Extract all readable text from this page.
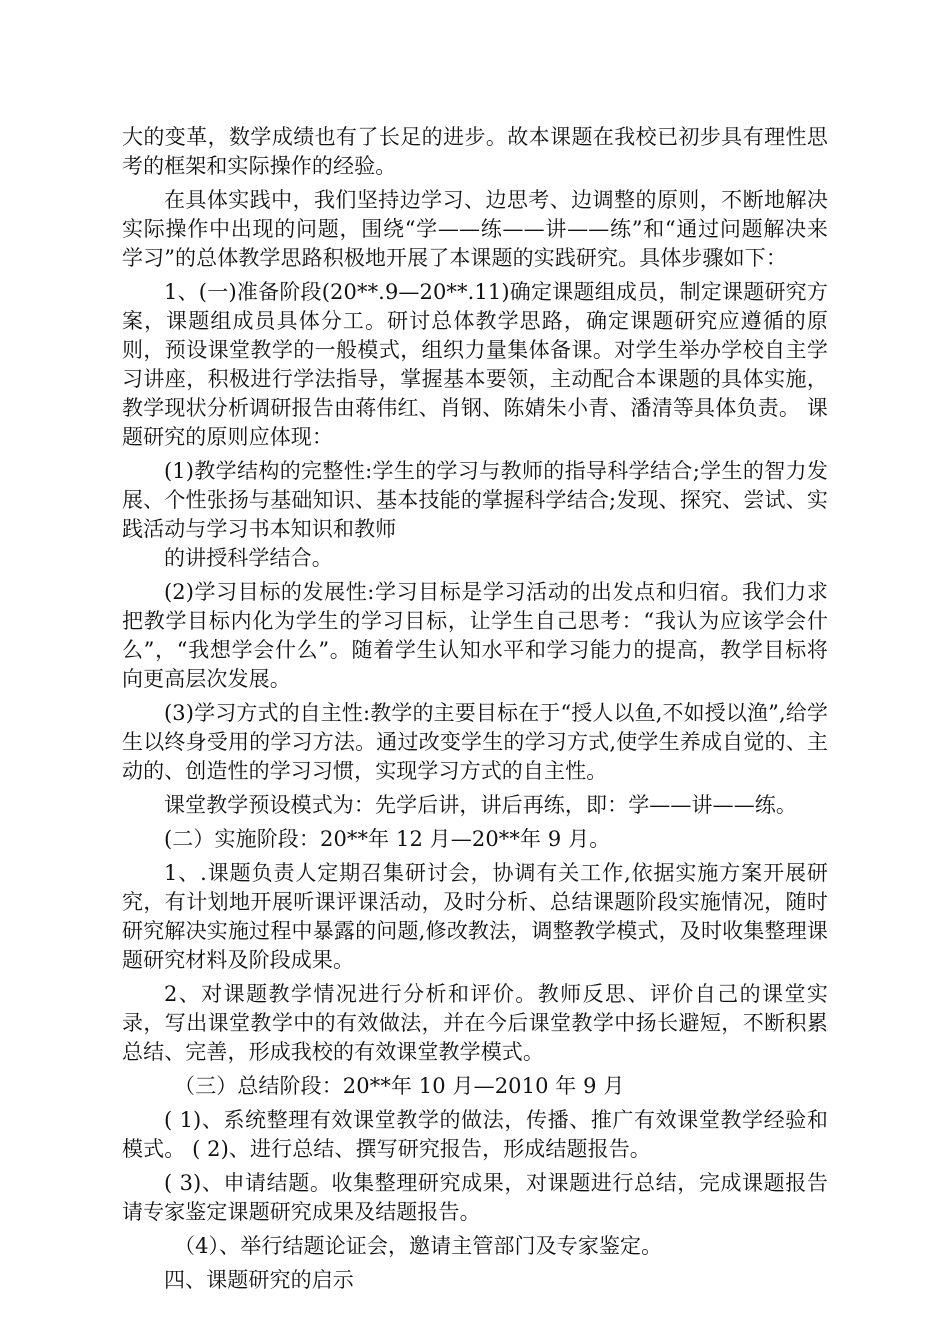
大的变革，数学成绩也有了长足的进步。故本课题在我校已初步具有理性思考的框架和实际操作的经验。

在具体实践中，我们坚持边学习、边思考、边调整的原则，不断地解决实际操作中出现的问题，围绕“学——练——讲——练”和“通过问题解决来学习”的总体教学思路积极地开展了本课题的实践研究。具体步骤如下：

1、(一)准备阶段(20**.9—20**.11)确定课题组成员，制定课题研究方案，课题组成员具体分工。研讨总体教学思路，确定课题研究应遵循的原则，预设课堂教学的一般模式，组织力量集体备课。对学生举办学校自主学习讲座，积极进行学法指导，掌握基本要领，主动配合本课题的具体实施，教学现状分析调研报告由蒋伟红、肖钢、陈婧朱小青、潘清等具体负责。 课题研究的原则应体现：

(1)教学结构的完整性:学生的学习与教师的指导科学结合;学生的智力发展、个性张扬与基础知识、基本技能的掌握科学结合;发现、探究、尝试、实践活动与学习书本知识和教师

的讲授科学结合。

(2)学习目标的发展性:学习目标是学习活动的出发点和归宿。我们力求把教学目标内化为学生的学习目标，让学生自己思考：“我认为应该学会什么”，“我想学会什么”。随着学生认知水平和学习能力的提高，教学目标将向更高层次发展。

(3)学习方式的自主性:教学的主要目标在于“授人以鱼,不如授以渔”,给学生以终身受用的学习方法。通过改变学生的学习方式,使学生养成自觉的、主动的、创造性的学习习惯，实现学习方式的自主性。

课堂教学预设模式为：先学后讲，讲后再练，即：学——讲——练。

(二）实施阶段：20**年 12 月—20**年 9 月。

1、.课题负责人定期召集研讨会，协调有关工作,依据实施方案开展研究，有计划地开展听课评课活动，及时分析、总结课题阶段实施情况，随时研究解决实施过程中暴露的问题,修改教法，调整教学模式，及时收集整理课题研究材料及阶段成果。

2、对课题教学情况进行分析和评价。教师反思、评价自己的课堂实录，写出课堂教学中的有效做法，并在今后课堂教学中扬长避短，不断积累总结、完善，形成我校的有效课堂教学模式。

（三）总结阶段：20**年 10 月—2010 年 9 月

( 1)、系统整理有效课堂教学的做法，传播、推广有效课堂教学经验和模式。 ( 2)、进行总结、撰写研究报告，形成结题报告。

( 3)、申请结题。收集整理研究成果，对课题进行总结，完成课题报告请专家鉴定课题研究成果及结题报告。

（4）、举行结题论证会，邀请主管部门及专家鉴定。

四、课题研究的启示
